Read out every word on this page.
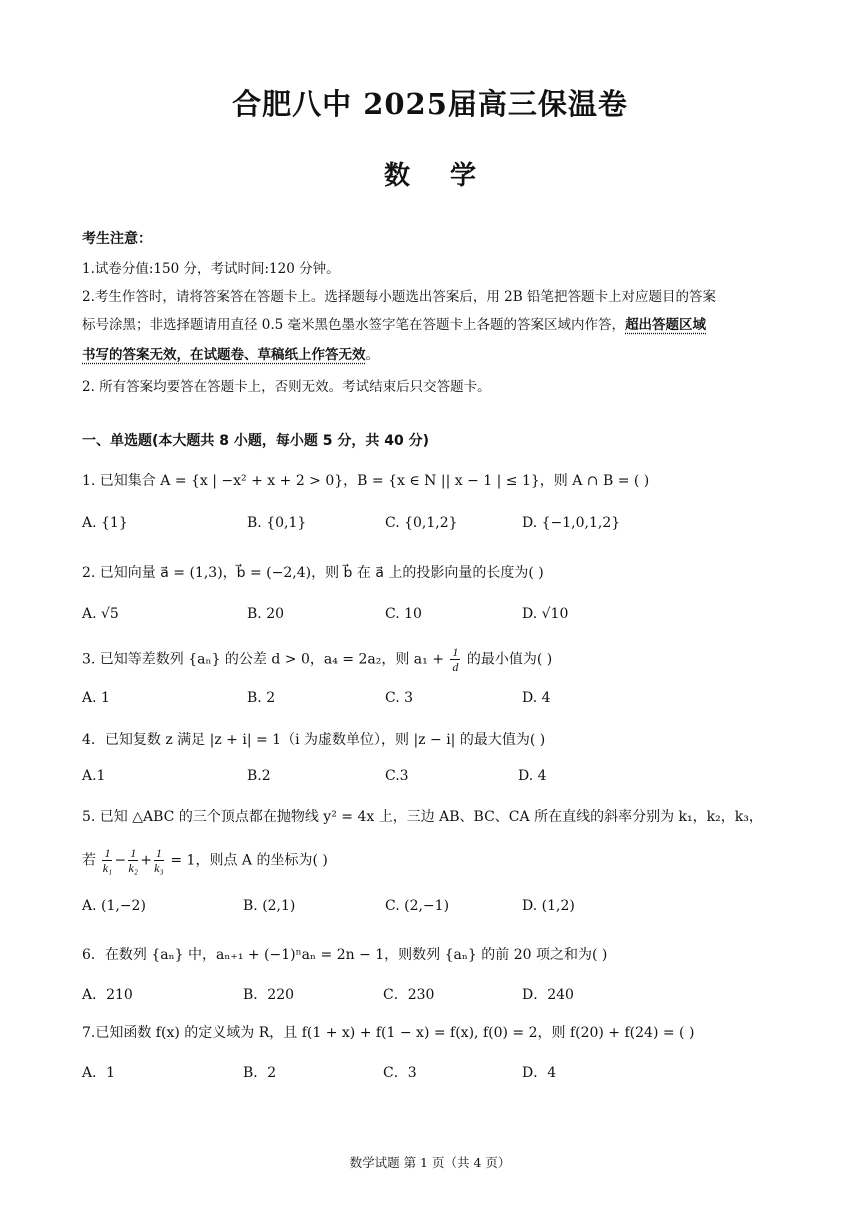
合肥八中 2025届高三保温卷
数学
考生注意：
1.试卷分值:150 分，考试时间:120 分钟。
2.考生作答时，请将答案答在答题卡上。选择题每小题选出答案后，用 2B 铅笔把答题卡上对应题目的答案
标号涂黑；非选择题请用直径 0.5 毫米黑色墨水签字笔在答题卡上各题的答案区域内作答，超出答题区域
书写的答案无效，在试题卷、草稿纸上作答无效。
2. 所有答案均要答在答题卡上，否则无效。考试结束后只交答题卡。
一、单选题(本大题共 8 小题，每小题 5 分，共 40 分)
1. 已知集合 A = {x | −x² + x + 2 > 0}，B = {x ∈ N || x − 1 | ≤ 1}，则 A ∩ B = ( )
A. {1}	B. {0,1}	C. {0,1,2}	D. {−1,0,1,2}
2. 已知向量 a⃗ = (1,3)，b⃗ = (−2,4)，则 b⃗ 在 a⃗ 上的投影向量的长度为( )
A. √5	B. 20	C. 10	D. √10
3. 已知等差数列 {aₙ} 的公差 d > 0，a₄ = 2a₂，则 $a_1 + \frac{1}{d}$ 的最小值为( )
A. 1	B. 2	C. 3	D. 4
4．已知复数 z 满足 |z + i| = 1（i 为虚数单位），则 |z − i| 的最大值为( )
A.1	B.2	C.3	D. 4
5. 已知 △ABC 的三个顶点都在抛物线 y² = 4x 上，三边 AB、BC、CA 所在直线的斜率分别为 k₁，k₂，k₃，
若 $\frac{1}{\text{k₁}} - \frac{1}{\text{k₂}} + \frac{1}{\text{k₃}} = 1$，则点 A 的坐标为( )
A. (1,−2)	B. (2,1)	C. (2,−1)	D. (1,2)
6．在数列 {aₙ} 中，aₙ₊₁ + (−1)ⁿaₙ = 2n − 1，则数列 {aₙ} 的前 20 项之和为( )
A．210	B．220	C．230	D．240
7.已知函数 f(x) 的定义域为 R，且 f(1 + x) + f(1 − x) = f(x), f(0) = 2，则 f(20) + f(24) = ( )
A．1	B．2	C．3	D．4
数学试题 第 1 页（共 4 页）
